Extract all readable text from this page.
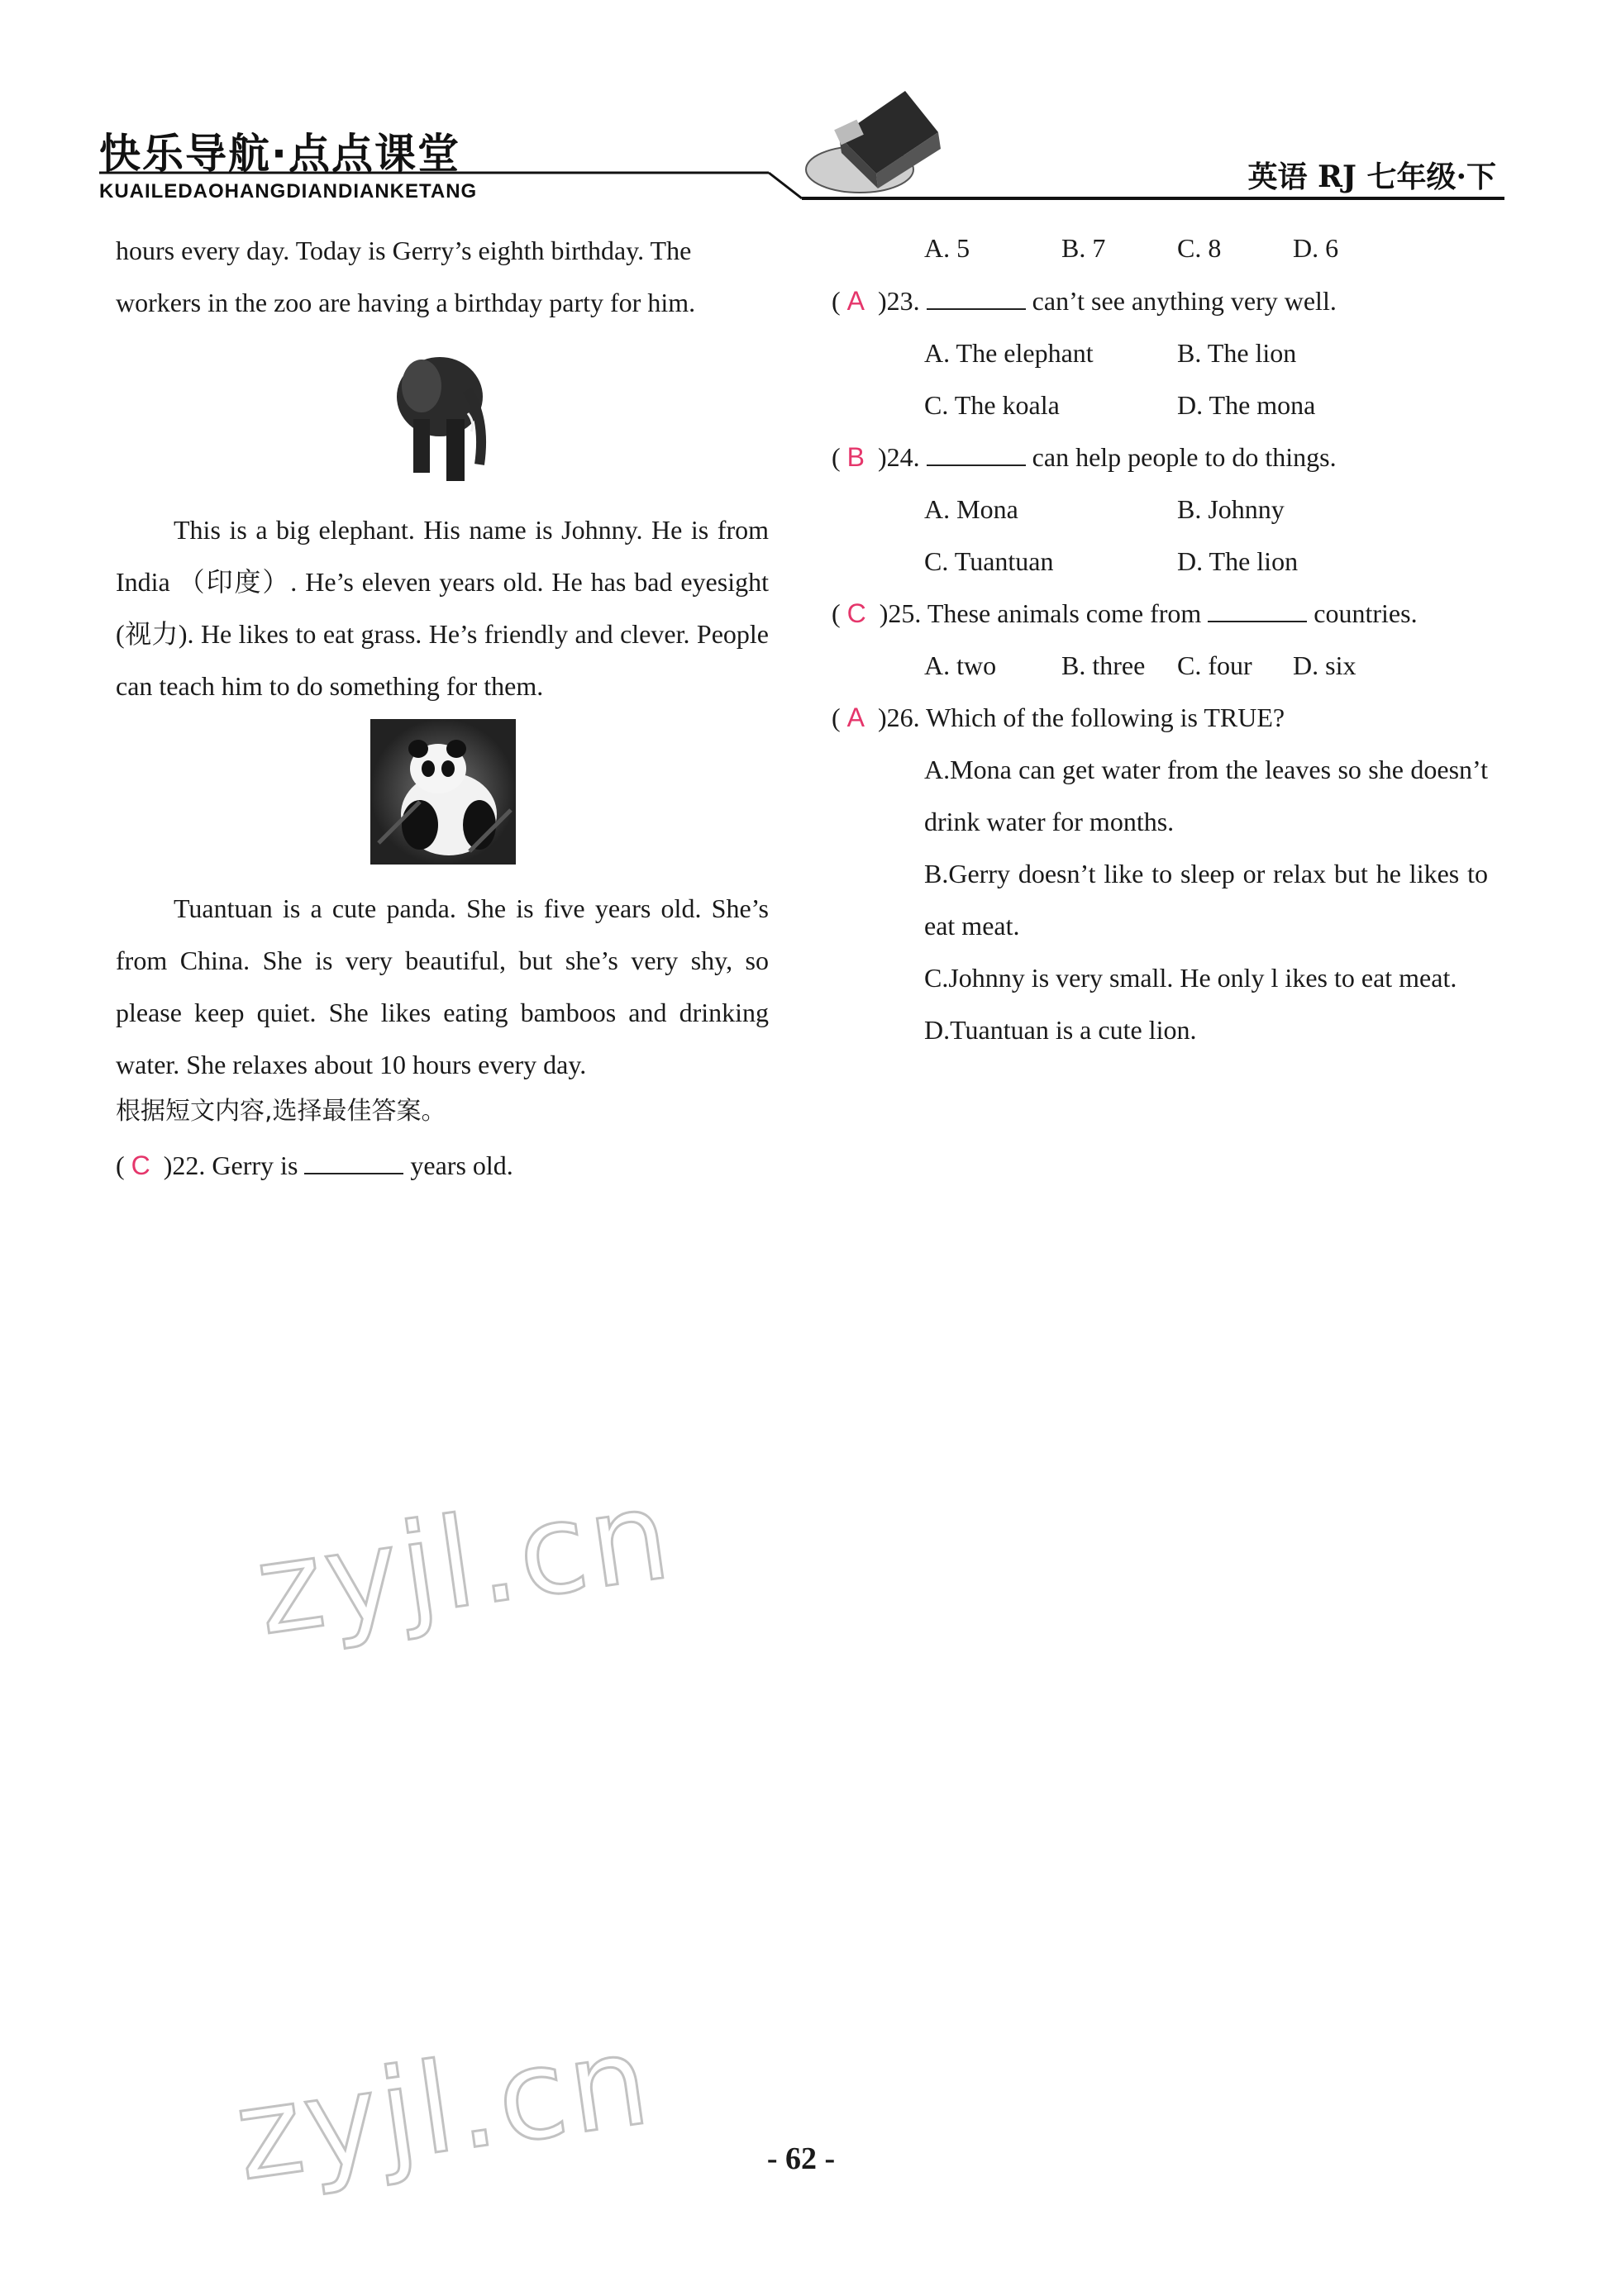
快乐导航·点点课堂
KUAILEDAOHANGDIANDIANKETANG	英语 RJ 七年级·下
hours every day. Today is Gerry’s eighth birthday. The
workers in the zoo are having a birthday party for him.
This is a big elephant. His name is Johnny. He is from India （印度）. He’s eleven years old. He has bad eyesight (视力). He likes to eat grass. He’s friendly and clever. People can teach him to do something for them.
Tuantuan is a cute panda. She is five years old. She’s from China. She is very beautiful, but she’s very shy, so please keep quiet. She likes eating bamboos and drinking water. She relaxes about 10 hours every day.
根据短文内容,选择最佳答案。
( C )22. Gerry is	years old.
A. 5	B. 7	C. 8	D. 6
( A )23.	can’t see anything very well.
A. The elephant	B. The lion
C. The koala	D. The mona
( B )24.	can help people to do things.
A. Mona	B. Johnny
C. Tuantuan	D. The lion
( C )25. These animals come from	countries.
A. two B. three C. four D. six
( A )26. Which of the following is TRUE?
A.Mona can get water from the leaves so she doesn’t drink water for months.
B.Gerry doesn’t like to sleep or relax but he likes to eat meat.
C.Johnny is very small. He only l ikes to eat meat.
D.Tuantuan is a cute lion.
zyjl.cn
zyjl.cn	- 62 -
